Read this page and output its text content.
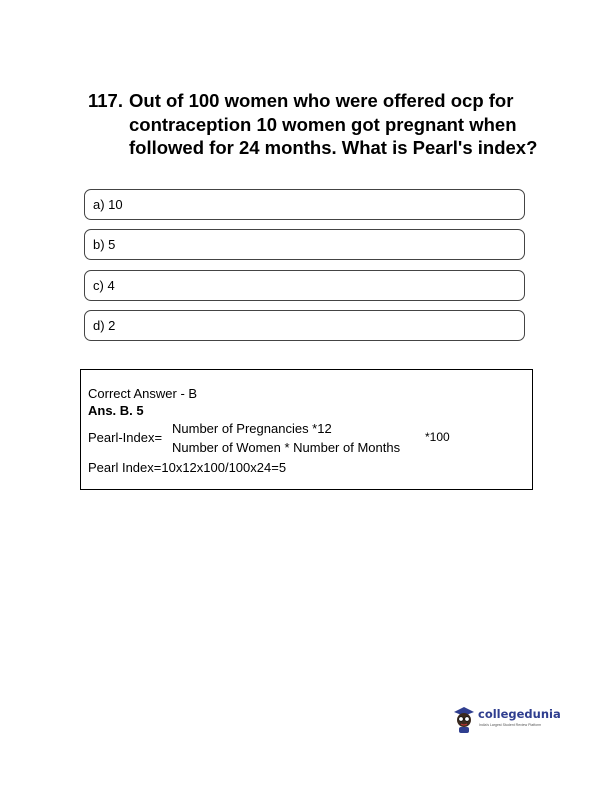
117. Out of 100 women who were offered ocp for contraception 10 women got pregnant when followed for 24 months. What is Pearl's index?
a) 10
b) 5
c) 4
d) 2
Correct Answer - B
Ans. B. 5
Pearl-Index=
Number of Pregnancies *12
Number of Women * Number of Months
*100
Pearl Index=10x12x100/100x24=5
collegedunia
India's Largest Student Review Platform
